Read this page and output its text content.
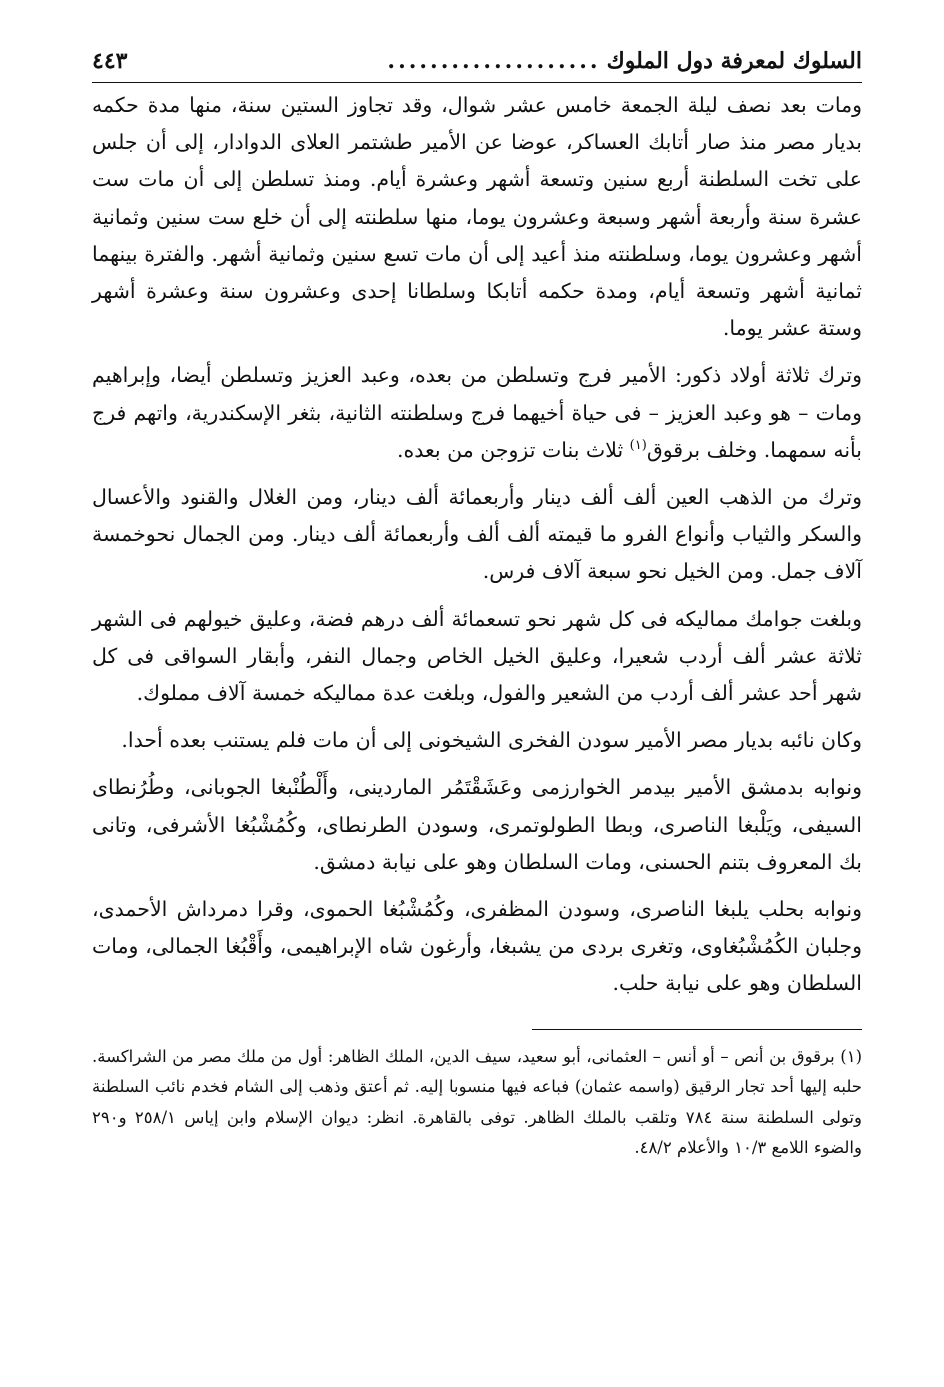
السلوك لمعرفة دول الملوك
....................
٤٤٣

ومات بعد نصف ليلة الجمعة خامس عشر شوال، وقد تجاوز الستين سنة، منها مدة حكمه بديار مصر منذ صار أتابك العساكر، عوضا عن الأمير طشتمر العلاى الدوادار، إلى أن جلس على تخت السلطنة أربع سنين وتسعة أشهر وعشرة أيام. ومنذ تسلطن إلى أن مات ست عشرة سنة وأربعة أشهر وسبعة وعشرون يوما، منها سلطنته إلى أن خلع ست سنين وثمانية أشهر وعشرون يوما، وسلطنته منذ أعيد إلى أن مات تسع سنين وثمانية أشهر. والفترة بينهما ثمانية أشهر وتسعة أيام، ومدة حكمه أتابكا وسلطانا إحدى وعشرون سنة وعشرة أشهر وستة عشر يوما.

وترك ثلاثة أولاد ذكور: الأمير فرج وتسلطن من بعده، وعبد العزيز وتسلطن أيضا، وإبراهيم ومات – هو وعبد العزيز – فى حياة أخيهما فرج وسلطنته الثانية، بثغر الإسكندرية، واتهم فرج بأنه سمهما. وخلف برقوق$^{(١)}$ ثلاث بنات تزوجن من بعده.

وترك من الذهب العين ألف ألف دينار وأربعمائة ألف دينار، ومن الغلال والقنود والأعسال والسكر والثياب وأنواع الفرو ما قيمته ألف ألف وأربعمائة ألف دينار. ومن الجمال نحوخمسة آلاف جمل. ومن الخيل نحو سبعة آلاف فرس.

وبلغت جوامك مماليكه فى كل شهر نحو تسعمائة ألف درهم فضة، وعليق خيولهم فى الشهر ثلاثة عشر ألف أردب شعيرا، وعليق الخيل الخاص وجمال النفر، وأبقار السواقى فى كل شهر أحد عشر ألف أردب من الشعير والفول، وبلغت عدة مماليكه خمسة آلاف مملوك.

وكان نائبه بديار مصر الأمير سودن الفخرى الشيخونى إلى أن مات فلم يستنب بعده أحدا.

ونوابه بدمشق الأمير بيدمر الخوارزمى وعَشَقْتَمُر الماردينى، وأَلْطُنْبغا الجوبانى، وطُرُنطاى السيفى، ويَلْبغا الناصرى، وبطا الطولوتمرى، وسودن الطرنطاى، وكُمُشْبُغا الأشرفى، وتانى بك المعروف بتنم الحسنى، ومات السلطان وهو على نيابة دمشق.

ونوابه بحلب يلبغا الناصرى، وسودن المظفرى، وكُمُشْبُغا الحموى، وقرا دمرداش الأحمدى، وجلبان الكُمُشْبُغاوى، وتغرى بردى من يشبغا، وأرغون شاه الإبراهيمى، وأَقْبُغا الجمالى، ومات السلطان وهو على نيابة حلب.

(١) برقوق بن أنص – أو أنس – العثمانى، أبو سعيد، سيف الدين، الملك الظاهر: أول من ملك مصر من الشراكسة. حلبه إليها أحد تجار الرقيق (واسمه عثمان) فباعه فيها منسوبا إليه. ثم أعتق وذهب إلى الشام فخدم نائب السلطنة وتولى السلطنة سنة ٧٨٤ وتلقب بالملك الظاهر. توفى بالقاهرة. انظر: ديوان الإسلام وابن إياس ٢٥٨/١ و٢٩٠ والضوء اللامع ١٠/٣ والأعلام ٤٨/٢.
